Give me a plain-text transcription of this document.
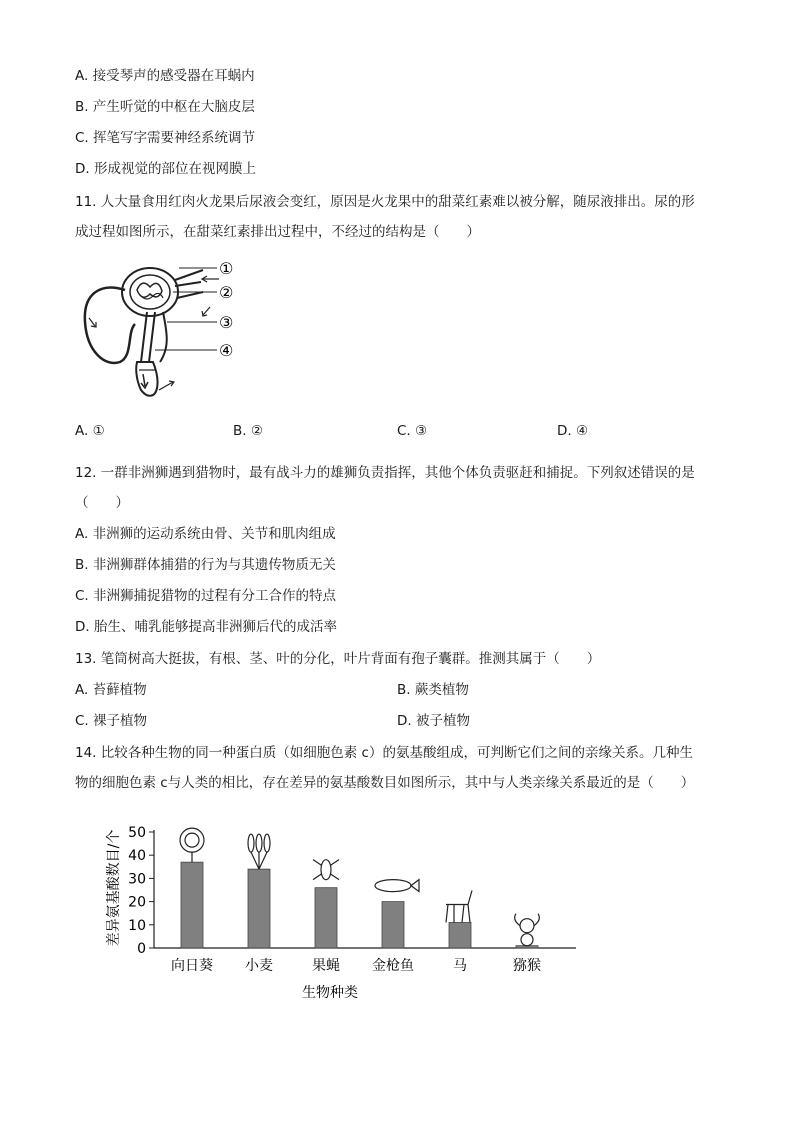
A. 接受琴声的感受器在耳蜗内
B. 产生听觉的中枢在大脑皮层
C. 挥笔写字需要神经系统调节
D. 形成视觉的部位在视网膜上
11. 人大量食用红肉火龙果后尿液会变红，原因是火龙果中的甜菜红素难以被分解，随尿液排出。尿的形
成过程如图所示，在甜菜红素排出过程中，不经过的结构是（　　）
①
②
③
④
A. ①	B. ②	C. ③	D. ④
12. 一群非洲狮遇到猎物时，最有战斗力的雄狮负责指挥，其他个体负责驱赶和捕捉。下列叙述错误的是
（　　）
A. 非洲狮的运动系统由骨、关节和肌肉组成
B. 非洲狮群体捕猎的行为与其遗传物质无关
C. 非洲狮捕捉猎物的过程有分工合作的特点
D. 胎生、哺乳能够提高非洲狮后代的成活率
13. 笔筒树高大挺拔，有根、茎、叶的分化，叶片背面有孢子囊群。推测其属于（　　）
A. 苔藓植物	B. 蕨类植物
C. 裸子植物	D. 被子植物
14. 比较各种生物的同一种蛋白质（如细胞色素 c）的氨基酸组成，可判断它们之间的亲缘关系。几种生
物的细胞色素 c与人类的相比，存在差异的氨基酸数目如图所示，其中与人类亲缘关系最近的是（　　）
差异氨基酸数目/个
生物种类
0
10
20
30
40
50
向日葵 小麦	果蝇 金枪鱼	马	猕猴
